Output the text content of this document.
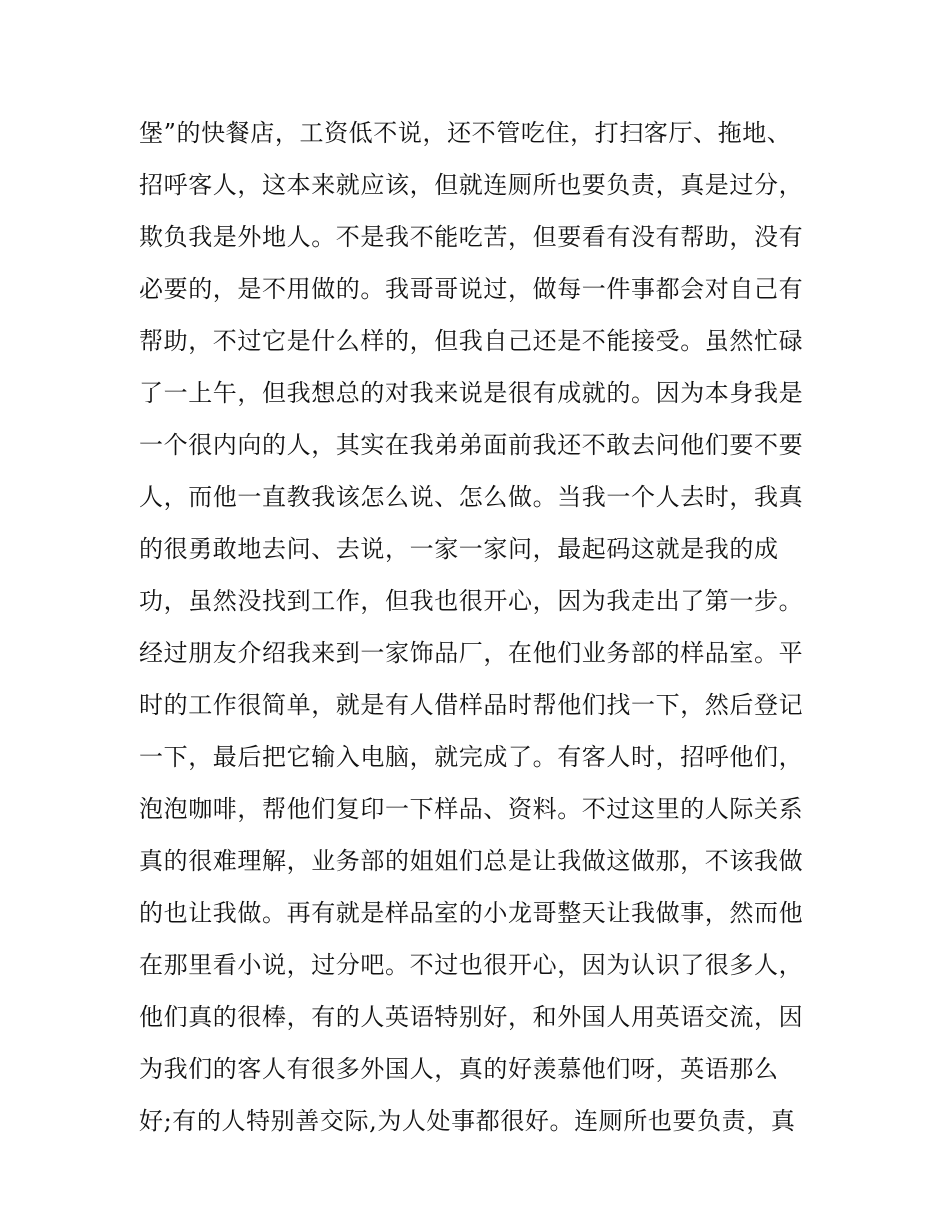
堡”的快餐店，工资低不说，还不管吃住，打扫客厅、拖地、
招呼客人，这本来就应该，但就连厕所也要负责，真是过分，
欺负我是外地人。不是我不能吃苦，但要看有没有帮助，没有
必要的，是不用做的。我哥哥说过，做每一件事都会对自己有
帮助，不过它是什么样的，但我自己还是不能接受。虽然忙碌
了一上午，但我想总的对我来说是很有成就的。因为本身我是
一个很内向的人，其实在我弟弟面前我还不敢去问他们要不要
人，而他一直教我该怎么说、怎么做。当我一个人去时，我真
的很勇敢地去问、去说，一家一家问，最起码这就是我的成
功，虽然没找到工作，但我也很开心，因为我走出了第一步。
经过朋友介绍我来到一家饰品厂，在他们业务部的样品室。平
时的工作很简单，就是有人借样品时帮他们找一下，然后登记
一下，最后把它输入电脑，就完成了。有客人时，招呼他们，
泡泡咖啡，帮他们复印一下样品、资料。不过这里的人际关系
真的很难理解，业务部的姐姐们总是让我做这做那，不该我做
的也让我做。再有就是样品室的小龙哥整天让我做事，然而他
在那里看小说，过分吧。不过也很开心，因为认识了很多人，
他们真的很棒，有的人英语特别好，和外国人用英语交流，因
为我们的客人有很多外国人，真的好羡慕他们呀，英语那么
好;有的人特别善交际,为人处事都很好。连厕所也要负责，真
